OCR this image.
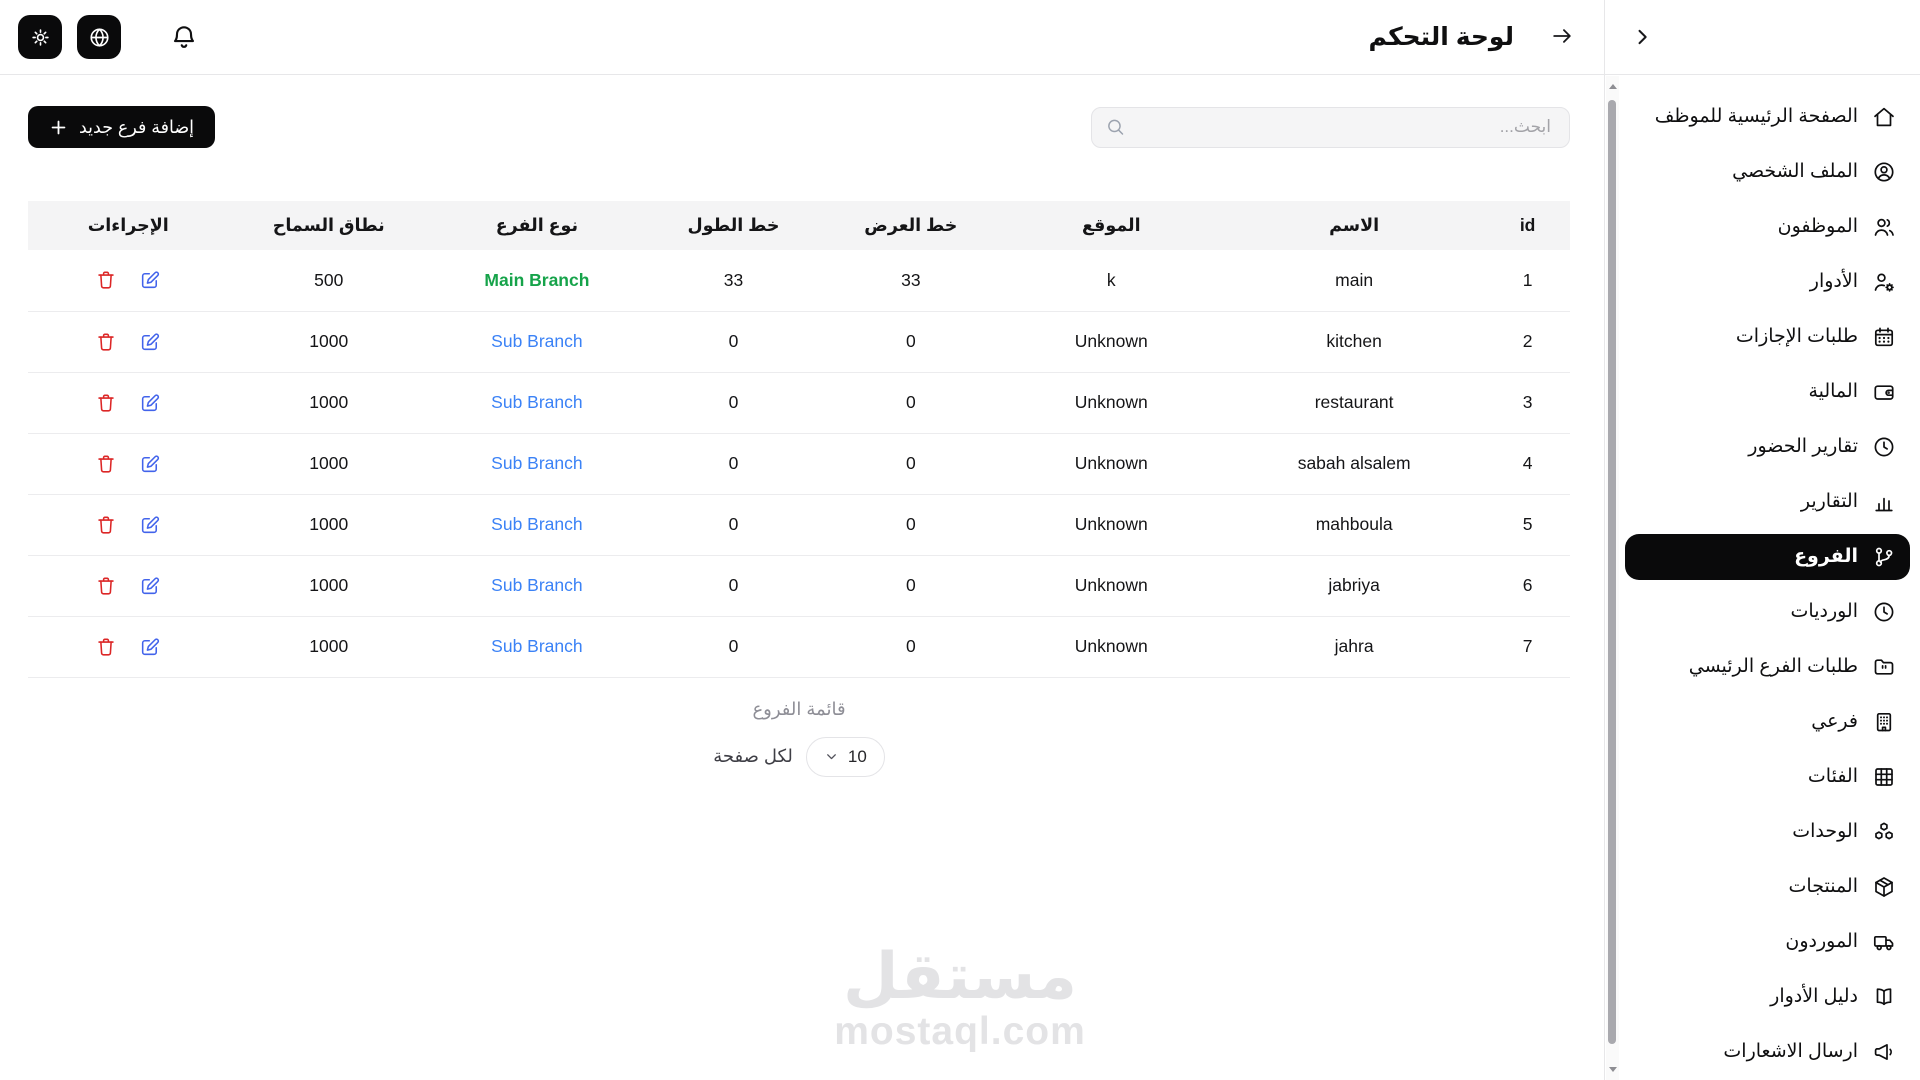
الصفحة الرئيسية للموظف
الملف الشخصي
الموظفون
الأدوار
طلبات الإجازات
المالية
تقارير الحضور
التقارير
الفروع
الورديات
طلبات الفرع الرئيسي
فرعي
الفئات
الوحدات
المنتجات
الموردون
دليل الأدوار
ارسال الاشعارات
لوحة التحكم
ابحث...
إضافة فرع جديد
id	الاسم	الموقع	خط العرض	خط الطول	نوع الفرع	نطاق السماح	الإجراءات
1	main	k	33	33	Main Branch	500	

2	kitchen	Unknown	0	0	Sub Branch	1000	

3	restaurant	Unknown	0	0	Sub Branch	1000	

4	sabah alsalem	Unknown	0	0	Sub Branch	1000	

5	mahboula	Unknown	0	0	Sub Branch	1000	

6	jabriya	Unknown	0	0	Sub Branch	1000	

7	jahra	Unknown	0	0	Sub Branch	1000	
قائمة الفروع
10
لكل صفحة
مستقل
mostaql.com
